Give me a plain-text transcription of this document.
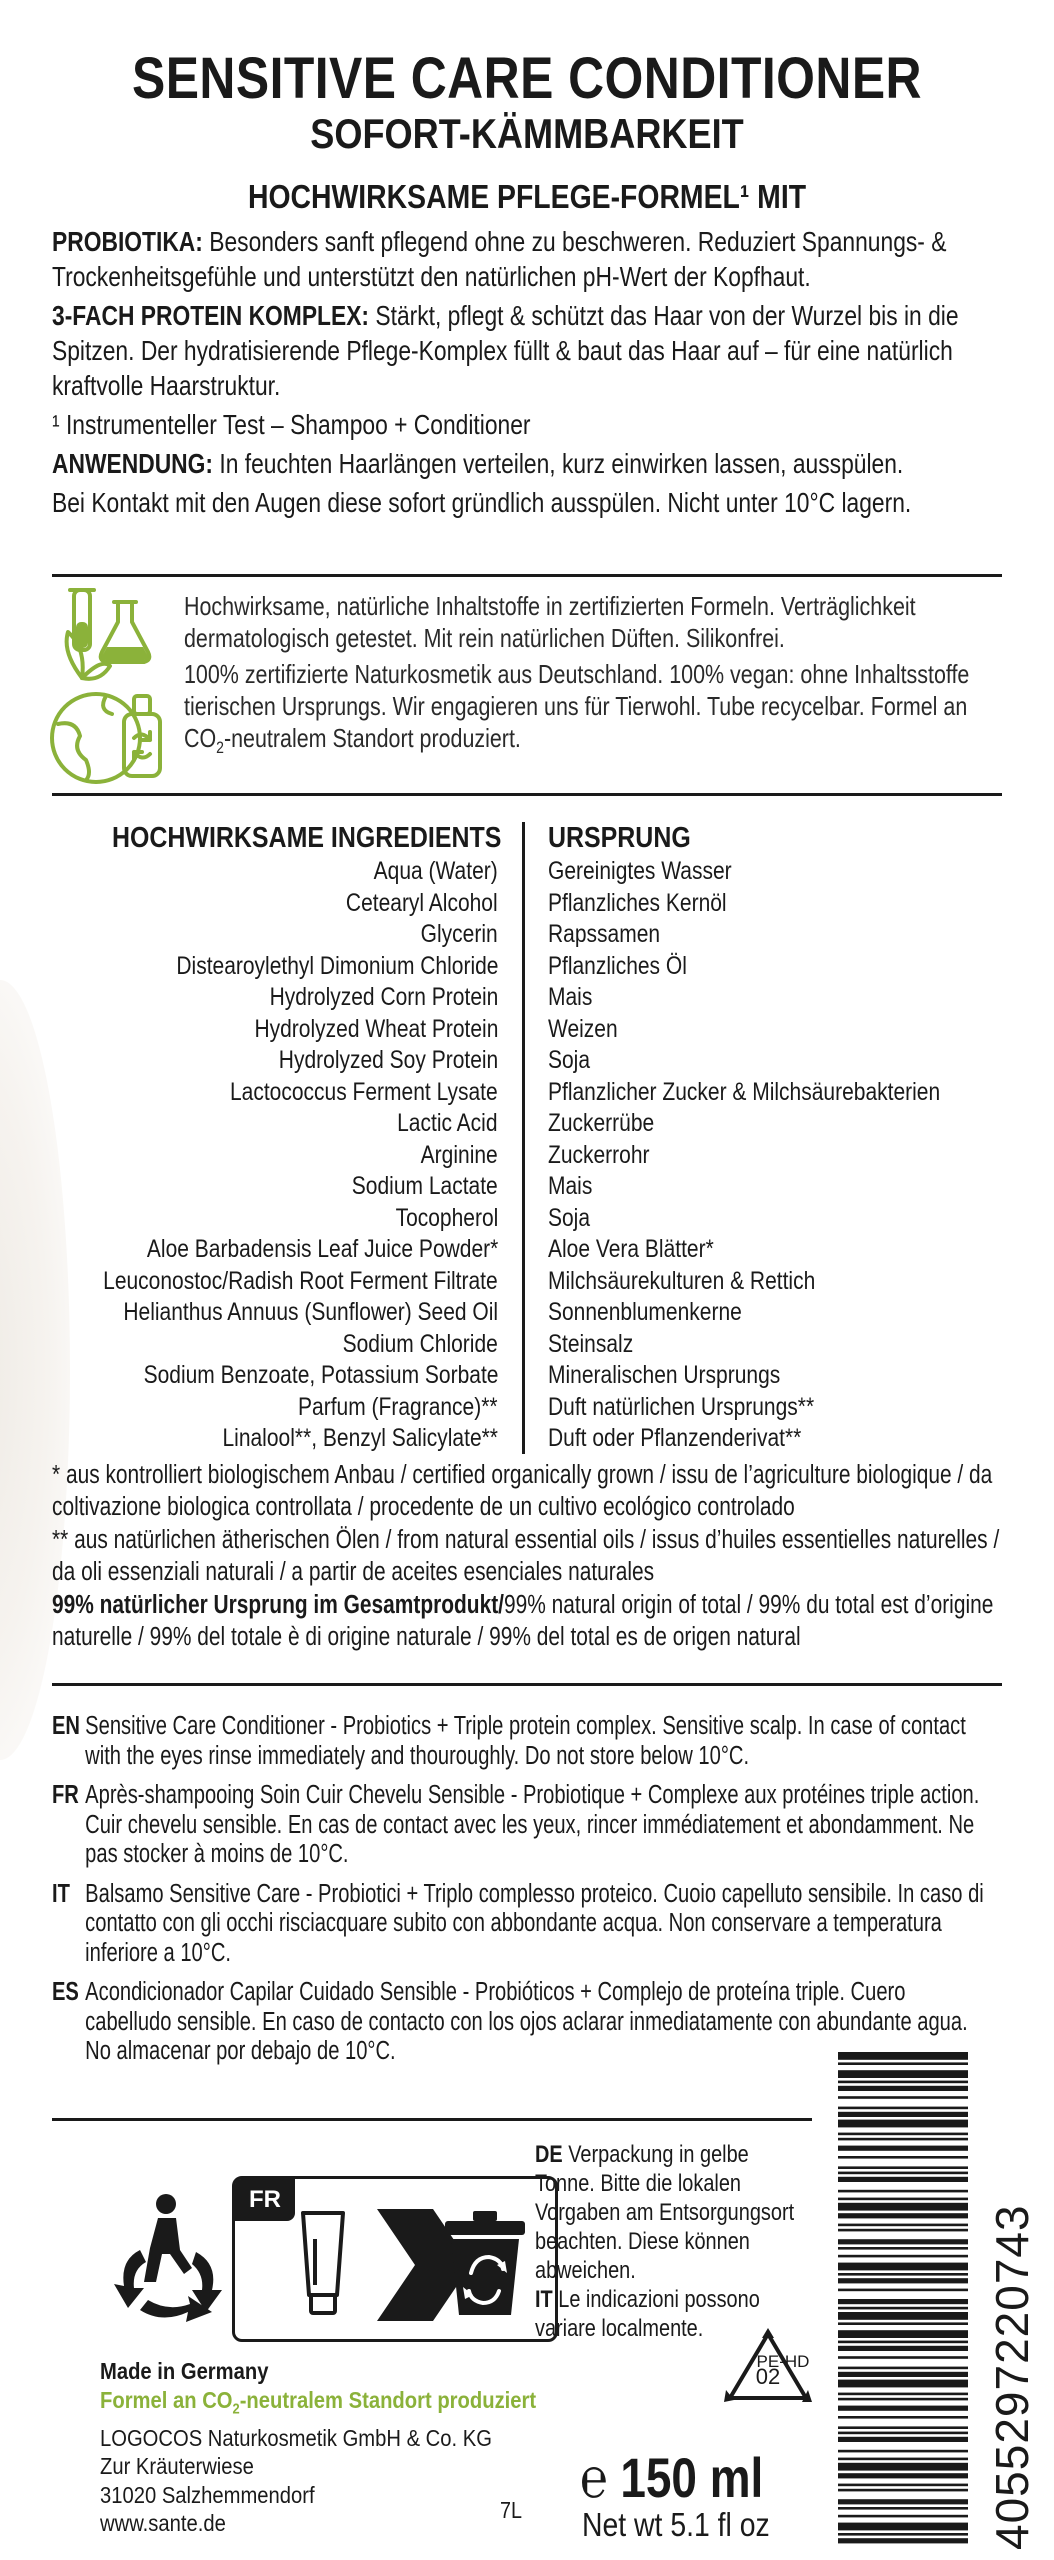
SENSITIVE CARE CONDITIONER
SOFORT-KÄMMBARKEIT
HOCHWIRKSAME PFLEGE-FORMEL¹ MIT

PROBIOTIKA: Besonders sanft pflegend ohne zu beschweren. Reduziert Spannungs- & Trockenheitsgefühle und unterstützt den natürlichen pH-Wert der Kopfhaut.

3-FACH PROTEIN KOMPLEX: Stärkt, pflegt & schützt das Haar von der Wurzel bis in die Spitzen. Der hydratisierende Pflege-Komplex füllt & baut das Haar auf – für eine natürlich kraftvolle Haarstruktur.

¹ Instrumenteller Test – Shampoo + Conditioner

ANWENDUNG: In feuchten Haarlängen verteilen, kurz einwirken lassen, ausspülen.

Bei Kontakt mit den Augen diese sofort gründlich ausspülen. Nicht unter 10°C lagern.

Hochwirksame, natürliche Inhaltstoffe in zertifizierten Formeln. Verträglichkeit dermatologisch getestet. Mit rein natürlichen Düften. Silikonfrei.

100% zertifizierte Naturkosmetik aus Deutschland. 100% vegan: ohne Inhaltsstoffe tierischen Ursprungs. Wir engagieren uns für Tierwohl. Tube recycelbar. Formel an $CO_2$-neutralem Standort produziert.

HOCHWIRKSAME INGREDIENTS URSPRUNG
Aqua (Water)
Cetearyl Alcohol
Glycerin
Distearoylethyl Dimonium Chloride
Hydrolyzed Corn Protein
Hydrolyzed Wheat Protein
Hydrolyzed Soy Protein
Lactococcus Ferment Lysate
Lactic Acid
Arginine
Sodium Lactate
Tocopherol
Aloe Barbadensis Leaf Juice Powder*
Leuconostoc/Radish Root Ferment Filtrate
Helianthus Annuus (Sunflower) Seed Oil
Sodium Chloride
Sodium Benzoate, Potassium Sorbate
Parfum (Fragrance)**
Linalool**, Benzyl Salicylate**
Gereinigtes Wasser
Pflanzliches Kernöl
Rapssamen
Pflanzliches Öl
Mais
Weizen
Soja
Pflanzlicher Zucker & Milchsäurebakterien
Zuckerrübe
Zuckerrohr
Mais
Soja
Aloe Vera Blätter*
Milchsäurekulturen & Rettich
Sonnenblumenkerne
Steinsalz
Mineralischen Ursprungs
Duft natürlichen Ursprungs**
Duft oder Pflanzenderivat**

* aus kontrolliert biologischem Anbau / certified organically grown / issu de l’agriculture biologique / da coltivazione biologica controllata / procedente de un cultivo ecológico controlado

** aus natürlichen ätherischen Ölen / from natural essential oils / issus d’huiles essentielles naturelles / da oli essenziali naturali / a partir de aceites esenciales naturales

99% natürlicher Ursprung im Gesamtprodukt/99% natural origin of total / 99% du total est d’origine naturelle / 99% del totale è di origine naturale / 99% del total es de origen natural

EN Sensitive Care Conditioner - Probiotics + Triple protein complex. Sensitive scalp. In case of contact with the eyes rinse immediately and thouroughly. Do not store below 10°C.
FR Après-shampooing Soin Cuir Chevelu Sensible - Probiotique + Complexe aux protéines triple action. Cuir chevelu sensible. En cas de contact avec les yeux, rincer immédiatement et abondamment. Ne pas stocker à moins de 10°C.
IT Balsamo Sensitive Care - Probiotici + Triplo complesso proteico. Cuoio capelluto sensibile. In caso di contatto con gli occhi risciacquare subito con abbondante acqua. Non conservare a temperatura inferiore a 10°C.
ES Acondicionador Capilar Cuidado Sensible - Probióticos + Complejo de proteína triple. Cuero cabelludo sensible. En caso de contacto con los ojos aclarar inmediatamente con abundante agua. No almacenar por debajo de 10°C.
FR
DE Verpackung in gelbe Tonne. Bitte die lokalen Vorgaben am Entsorgungsort beachten. Diese können abweichen.
IT Le indicazioni possono variare localmente.
02
PE-HD
Made in Germany
Formel an $CO_2$-neutralem Standort produziert
LOGOCOS Naturkosmetik GmbH & Co. KG
Zur Kräuterwiese
31020 Salzhemmendorf
www.sante.de
7L
℮ 150 ml
Net wt 5.1 fl oz	4055297220743
